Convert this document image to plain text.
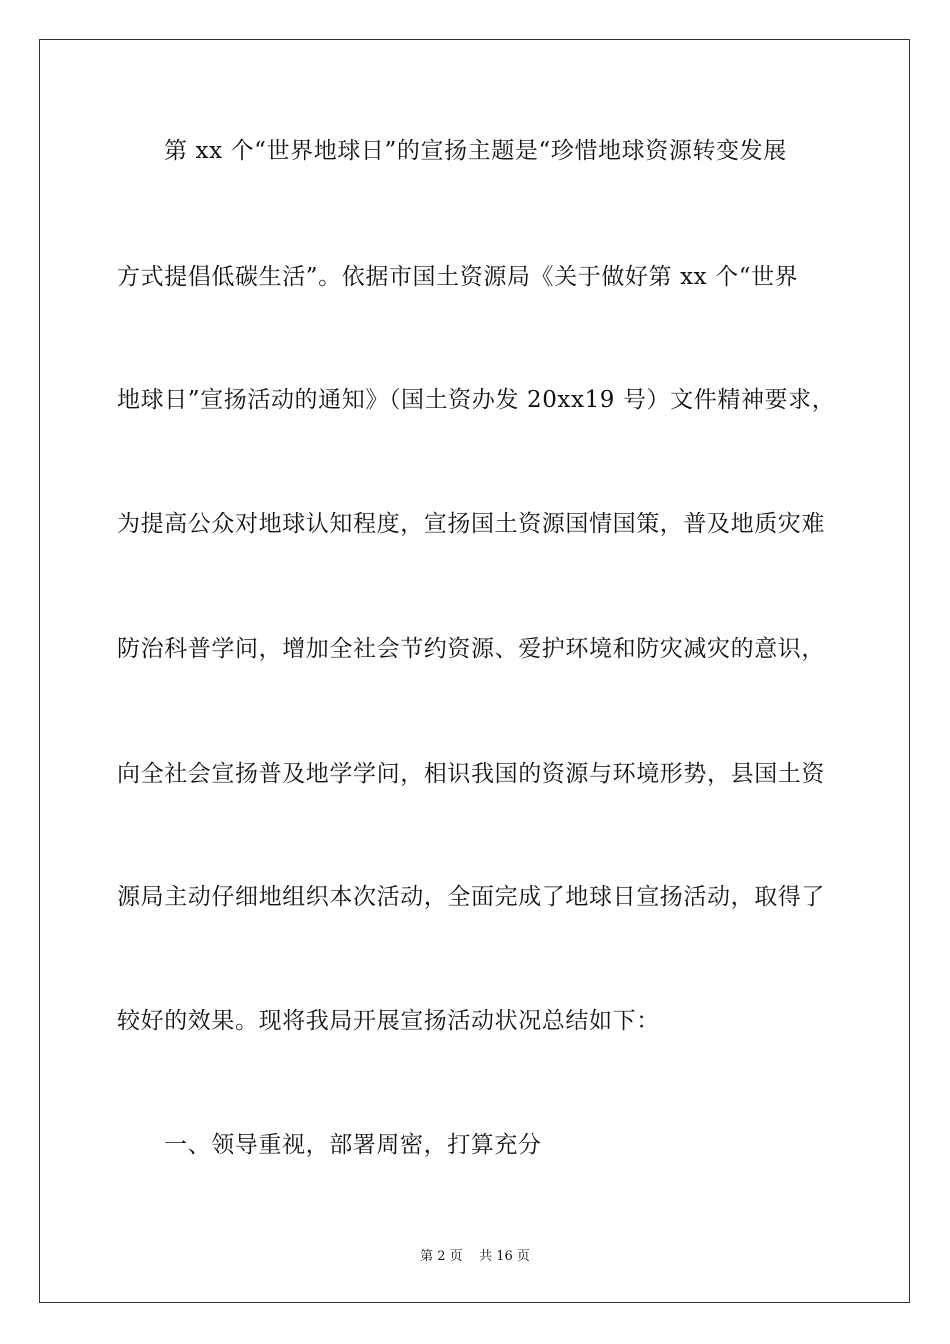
第 xx 个“世界地球日”的宣扬主题是“珍惜地球资源转变发展
方式提倡低碳生活”。依据市国土资源局《关于做好第 xx 个“世界
地球日”宣扬活动的通知》（国土资办发 20xx19 号）文件精神要求，
为提高公众对地球认知程度，宣扬国土资源国情国策，普及地质灾难
防治科普学问，增加全社会节约资源、爱护环境和防灾减灾的意识，
向全社会宣扬普及地学学问，相识我国的资源与环境形势，县国土资
源局主动仔细地组织本次活动，全面完成了地球日宣扬活动，取得了
较好的效果。现将我局开展宣扬活动状况总结如下：
一、领导重视，部署周密，打算充分
第 2 页    共 16 页
